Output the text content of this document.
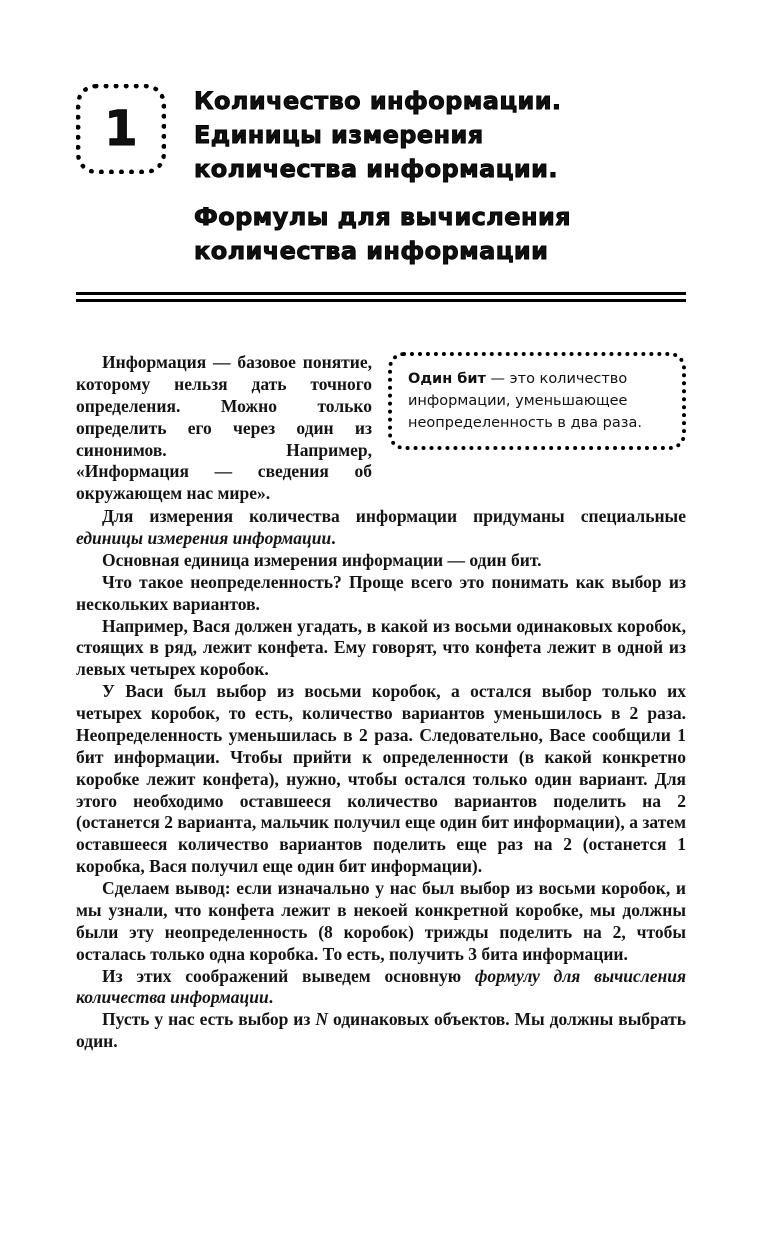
1 Количество информации.
Единицы измерения
количества информации.
Формулы для вычисления
количества информации

Информация — базовое понятие, которому нельзя дать точного определения. Можно только определить его через один из синонимов. Например, «Информация — сведения об окружающем нас мире».

Один бит — это количество информации, уменьшающее неопределенность в два раза.

Для измерения количества информации придуманы специальные единицы измерения информации.

Основная единица измерения информации — один бит.

Что такое неопределенность? Проще всего это понимать как выбор из нескольких вариантов.

Например, Вася должен угадать, в какой из восьми одинаковых коробок, стоящих в ряд, лежит конфета. Ему говорят, что конфета лежит в одной из левых четырех коробок.

У Васи был выбор из восьми коробок, а остался выбор только их четырех коробок, то есть, количество вариантов уменьшилось в 2 раза. Неопределенность уменьшилась в 2 раза. Следовательно, Васе сообщили 1 бит информации. Чтобы прийти к определенности (в какой конкретно коробке лежит конфета), нужно, чтобы остался только один вариант. Для этого необходимо оставшееся количество вариантов поделить на 2 (останется 2 варианта, мальчик получил еще один бит информации), а затем оставшееся количество вариантов поделить еще раз на 2 (останется 1 коробка, Вася получил еще один бит информации).

Сделаем вывод: если изначально у нас был выбор из восьми коробок, и мы узнали, что конфета лежит в некоей конкретной коробке, мы должны были эту неопределенность (8 коробок) трижды поделить на 2, чтобы осталась только одна коробка. То есть, получить 3 бита информации.

Из этих соображений выведем основную формулу для вычисления количества информации.

Пусть у нас есть выбор из N одинаковых объектов. Мы должны выбрать один.
